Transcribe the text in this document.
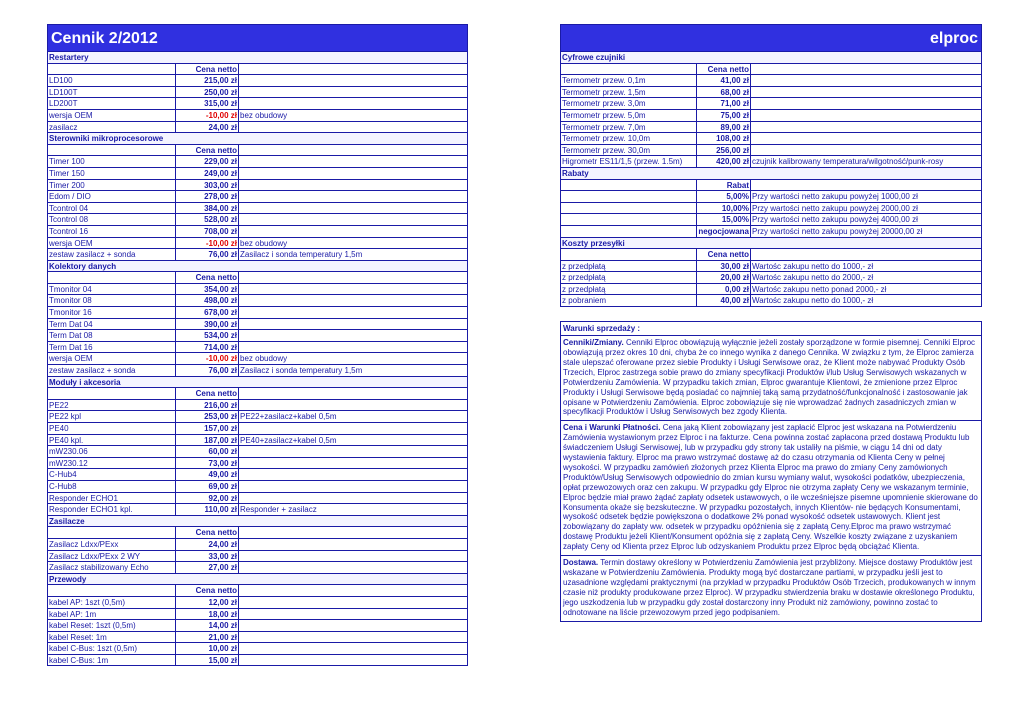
Cennik 2/2012
Restartery
Cena netto
LD100	215,00 zł
LD100T	250,00 zł
LD200T	315,00 zł
wersja OEM	-10,00 zł bez obudowy
zasilacz	24,00 zł
Sterowniki mikroprocesorowe
Cena netto
Timer 100	229,00 zł
Timer 150	249,00 zł
Timer 200	303,00 zł
Edom / DIO	278,00 zł
Tcontrol 04	384,00 zł
Tcontrol 08	528,00 zł
Tcontrol 16	708,00 zł
wersja OEM	-10,00 zł bez obudowy
zestaw zasilacz + sonda	76,00 zł Zasilacz i sonda temperatury 1,5m
Kolektory danych
Cena netto
Tmonitor 04	354,00 zł
Tmonitor 08	498,00 zł
Tmonitor 16	678,00 zł
Term Dat 04	390,00 zł
Term Dat 08	534,00 zł
Term Dat 16	714,00 zł
wersja OEM	-10,00 zł bez obudowy
zestaw zasilacz + sonda	76,00 zł Zasilacz i sonda temperatury 1,5m
Moduły i akcesoria
Cena netto
PE22	216,00 zł
PE22 kpl	253,00 zł PE22+zasilacz+kabel 0,5m
PE40	157,00 zł
PE40 kpl.	187,00 zł PE40+zasilacz+kabel 0,5m
mW230.06	60,00 zł
mW230.12	73,00 zł
C-Hub4	49,00 zł
C-Hub8	69,00 zł
Responder ECHO1	92,00 zł
Responder ECHO1 kpl.	110,00 zł Responder + zasilacz
Zasilacze
Cena netto
Zasilacz Ldxx/PExx	24,00 zł
Zasilacz Ldxx/PExx 2 WY	33,00 zł
Zasilacz stabilizowany Echo	27,00 zł
Przewody
Cena netto
kabel AP: 1szt (0,5m)	12,00 zł
kabel AP: 1m	18,00 zł
kabel Reset: 1szt (0,5m)	14,00 zł
kabel Reset: 1m	21,00 zł
kabel C-Bus: 1szt (0,5m)	10,00 zł
kabel C-Bus: 1m	15,00 zł
elproc
Cyfrowe czujniki
Cena netto
Termometr przew. 0,1m	41,00 zł
Termometr przew. 1,5m	68,00 zł
Termometr przew. 3,0m	71,00 zł
Termometr przew. 5,0m	75,00 zł
Termometr przew. 7,0m	89,00 zł
Termometr przew. 10,0m	108,00 zł
Termometr przew. 30,0m	256,00 zł
Higrometr ES11/1,5 (przew. 1.5m)	420,00 zł czujnik kalibrowany temperatura/wilgotność/punk-rosy
Rabaty
Rabat
5,00% Przy wartości netto zakupu powyżej 1000,00 zł
10,00% Przy wartości netto zakupu powyżej 2000,00 zł
15,00% Przy wartości netto zakupu powyżej 4000,00 zł
negocjowana Przy wartości netto zakupu powyżej 20000,00 zł
Koszty przesyłki
Cena netto
z przedpłatą	30,00 zł Wartośc zakupu netto do 1000,- zł
z przedpłatą	20,00 zł Wartośc zakupu netto do 2000,- zł
z przedpłatą	0,00 zł Wartośc zakupu netto ponad 2000,- zł
z pobraniem	40,00 zł Wartośc zakupu netto do 1000,- zł
Warunki sprzedaży :
Cenniki/Zmiany. Cenniki Elproc obowiązują wyłącznie jeżeli zostały sporządzone w formie pisemnej. Cenniki Elproc obowiązują przez okres 10 dni, chyba że co innego wynika z danego Cennika. W związku z tym, że Elproc zamierza stale ulepszać oferowane przez siebie Produkty i Usługi Serwisowe oraz, że Klient może nabywać Produkty Osób Trzecich, Elproc zastrzega sobie prawo do zmiany specyfikacji Produktów i/lub Usług Serwisowych wskazanych w Potwierdzeniu Zamówienia. W przypadku takich zmian, Elproc gwarantuje Klientowi, że zmienione przez Elproc Produkty i Usługi Serwisowe będą posiadać co najmniej taką samą przydatność/funkcjonalność i zastosowanie jak opisane w Potwierdzeniu Zamówienia. Elproc zobowiązuje się nie wprowadzać żadnych zasadniczych zmian w specyfikacji Produktów i Usług Serwisowych bez zgody Klienta.
Cena i Warunki Płatności. Cena jaką Klient zobowiązany jest zapłacić Elproc jest wskazana na Potwierdzeniu Zamówienia wystawionym przez Elproc i na fakturze. Cena powinna zostać zapłacona przed dostawą Produktu lub świadczeniem Usługi Serwisowej, lub w przypadku gdy strony tak ustaliły na piśmie, w ciągu 14 dni od daty wystawienia faktury. Elproc ma prawo wstrzymać dostawę aż do czasu otrzymania od Klienta Ceny w pełnej wysokości. W przypadku zamówień złożonych przez Klienta Elproc ma prawo do zmiany Ceny zamówionych Produktów/Usług Serwisowych odpowiednio do zmian kursu wymiany walut, wysokości podatków, ubezpieczenia, opłat przewozowych oraz cen zakupu. W przypadku gdy Elproc nie otrzyma zapłaty Ceny we wskazanym terminie, Elproc będzie miał prawo żądać zapłaty odsetek ustawowych, o ile wcześniejsze pisemne upomnienie skierowane do Konsumenta okaże się bezskuteczne. W przypadku pozostałych, innych Klientów- nie będących Konsumentami, wysokość odsetek będzie powiększona o dodatkowe 2% ponad wysokość odsetek ustawowych. Klient jest zobowiązany do zapłaty ww. odsetek w przypadku opóźnienia się z zapłatą Ceny.Elproc ma prawo wstrzymać dostawę Produktu jeżeli Klient/Konsument opóźnia się z zapłatą Ceny. Wszelkie koszty związane z uzyskaniem zapłaty Ceny od Klienta przez Elproc lub odzyskaniem Produktu przez Elproc będą obciążać Klienta.
Dostawa. Termin dostawy określony w Potwierdzeniu Zamówienia jest przybliżony. Miejsce dostawy Produktów jest wskazane w Potwierdzeniu Zamówienia. Produkty mogą być dostarczane partiami, w przypadku jeśli jest to uzasadnione względami praktycznymi (na przykład w przypadku Produktów Osób Trzecich, produkowanych w innym czasie niż produkty produkowane przez Elproc). W przypadku stwierdzenia braku w dostawie określonego Produktu, jego uszkodzenia lub w przypadku gdy został dostarczony inny Produkt niż zamówiony, powinno zostać to odnotowane na liście przewozowym przed jego podpisaniem.
